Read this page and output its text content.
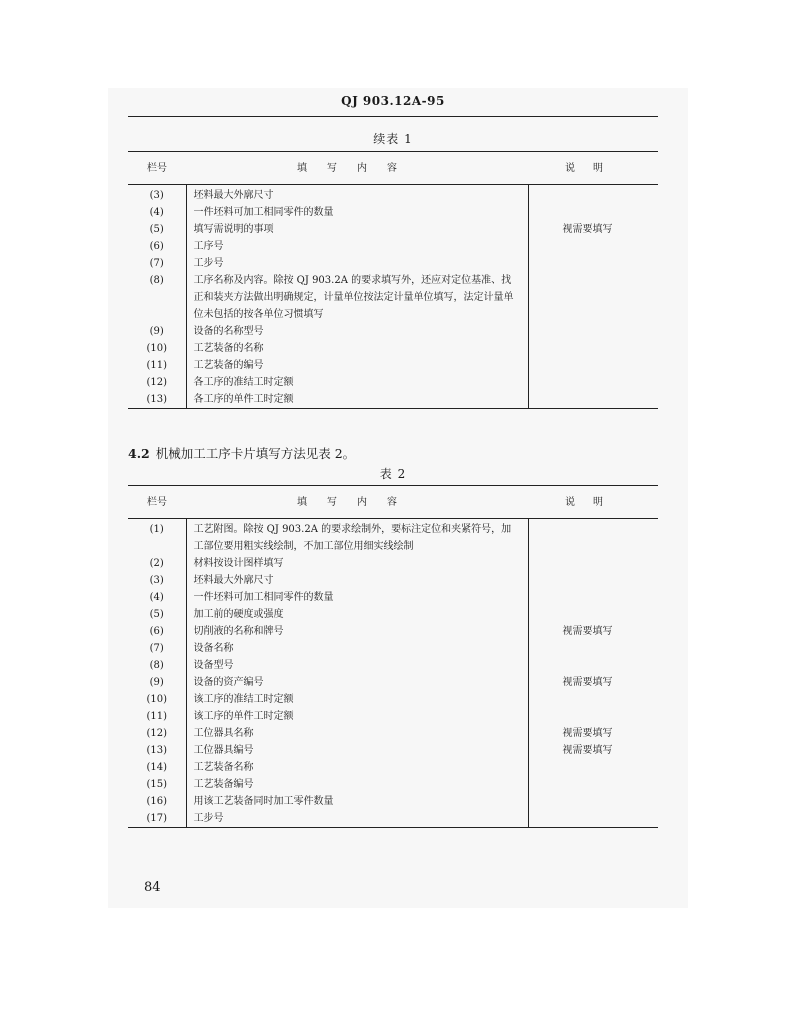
QJ 903.12A-95
续表 1
栏号	填写内容	说明
(3)	坯料最大外廓尺寸	
(4)	一件坯料可加工相同零件的数量	
(5)	填写需说明的事项	视需要填写
(6)	工序号	
(7)	工步号	
(8)	工序名称及内容。除按 QJ 903.2A 的要求填写外，还应对定位基准、找正和装夹方法做出明确规定，计量单位按法定计量单位填写，法定计量单位未包括的按各单位习惯填写	
(9)	设备的名称型号	
(10)	工艺装备的名称	
(11)	工艺装备的编号	
(12)	各工序的准结工时定额	
(13)	各工序的单件工时定额	
4.2 机械加工工序卡片填写方法见表 2。
表 2
栏号	填写内容	说明
(1)	工艺附图。除按 QJ 903.2A 的要求绘制外，要标注定位和夹紧符号，加工部位要用粗实线绘制，不加工部位用细实线绘制	
(2)	材料按设计图样填写	
(3)	坯料最大外廓尺寸	
(4)	一件坯料可加工相同零件的数量	
(5)	加工前的硬度或强度	
(6)	切削液的名称和牌号	视需要填写
(7)	设备名称	
(8)	设备型号	
(9)	设备的资产编号	视需要填写
(10)	该工序的准结工时定额	
(11)	该工序的单件工时定额	
(12)	工位器具名称	视需要填写
(13)	工位器具编号	视需要填写
(14)	工艺装备名称	
(15)	工艺装备编号	
(16)	用该工艺装备同时加工零件数量	
(17)	工步号	
84
